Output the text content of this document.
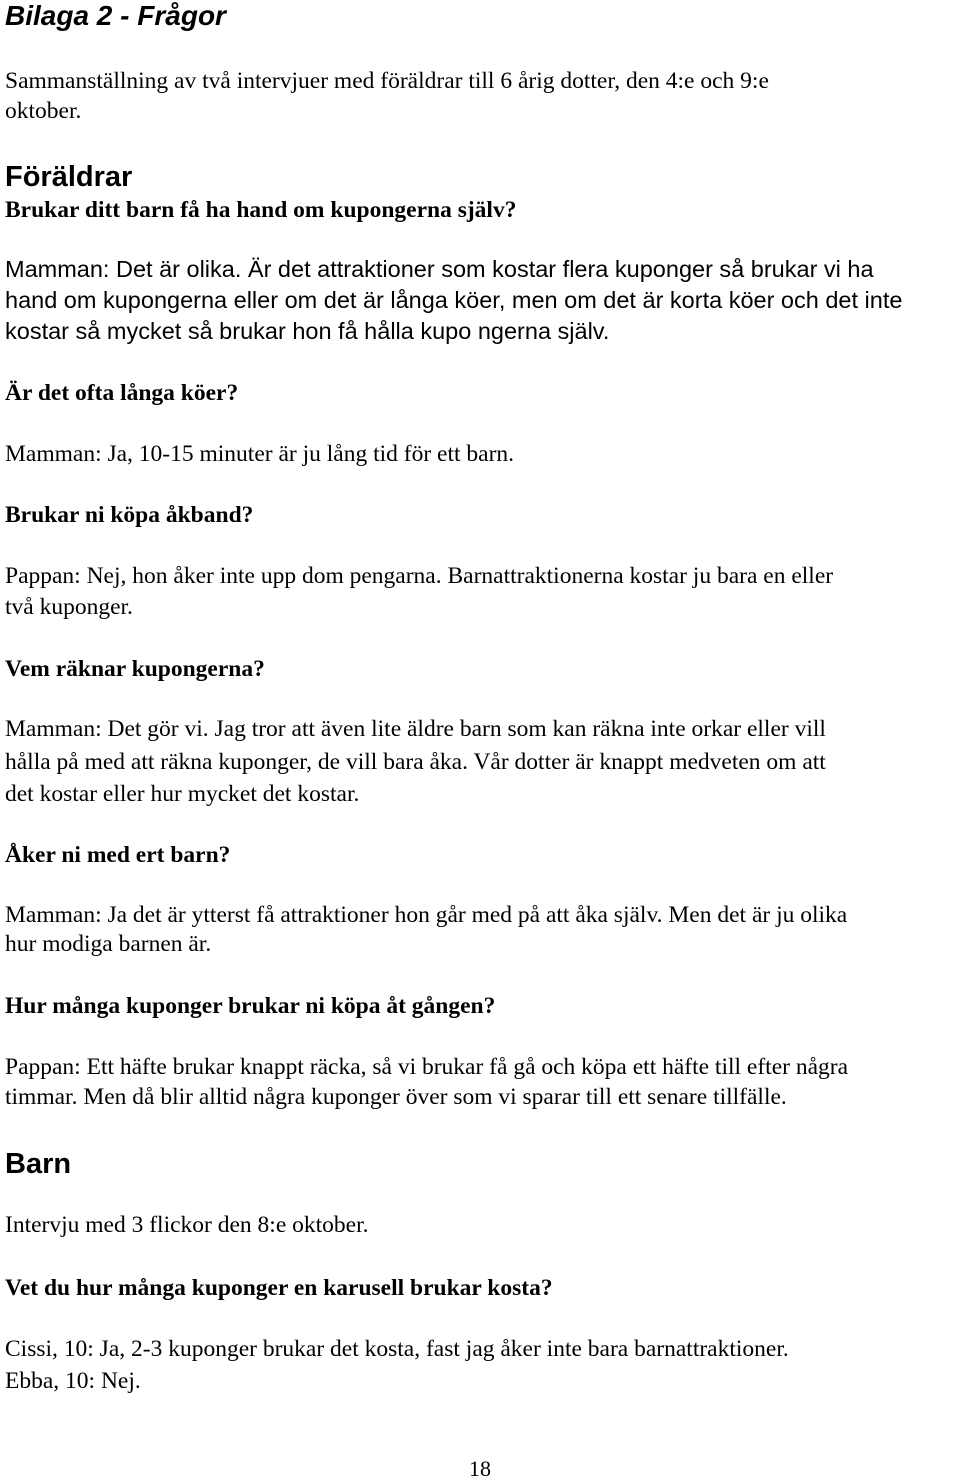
Bilaga 2 - Frågor
Sammanställning av två intervjuer med föräldrar till 6 årig dotter, den 4:e och 9:e
oktober.
Föräldrar
Brukar ditt barn få ha hand om kupongerna själv?
Mamman: Det är olika. Är det attraktioner som kostar flera kuponger så brukar vi ha
hand om kupongerna eller om det är långa köer, men om det är korta köer och det inte
kostar så mycket så brukar hon få hålla kupo ngerna själv.
Är det ofta långa köer?
Mamman: Ja, 10-15 minuter är ju lång tid för ett barn.
Brukar ni köpa åkband?
Pappan: Nej, hon åker inte upp dom pengarna. Barnattraktionerna kostar ju bara en eller
två kuponger.
Vem räknar kupongerna?
Mamman: Det gör vi. Jag tror att även lite äldre barn som kan räkna inte orkar eller vill
hålla på med att räkna kuponger, de vill bara åka. Vår dotter är knappt medveten om att
det kostar eller hur mycket det kostar.
Åker ni med ert barn?
Mamman: Ja det är ytterst få attraktioner hon går med på att åka själv. Men det är ju olika
hur modiga barnen är.
Hur många kuponger brukar ni köpa åt gången?
Pappan: Ett häfte brukar knappt räcka, så vi brukar få gå och köpa ett häfte till efter några
timmar. Men då blir alltid några kuponger över som vi sparar till ett senare tillfälle.
Barn
Intervju med 3 flickor den 8:e oktober.
Vet du hur många kuponger en karusell brukar kosta?
Cissi, 10: Ja, 2-3 kuponger brukar det kosta, fast jag åker inte bara barnattraktioner.
Ebba, 10: Nej.
18
